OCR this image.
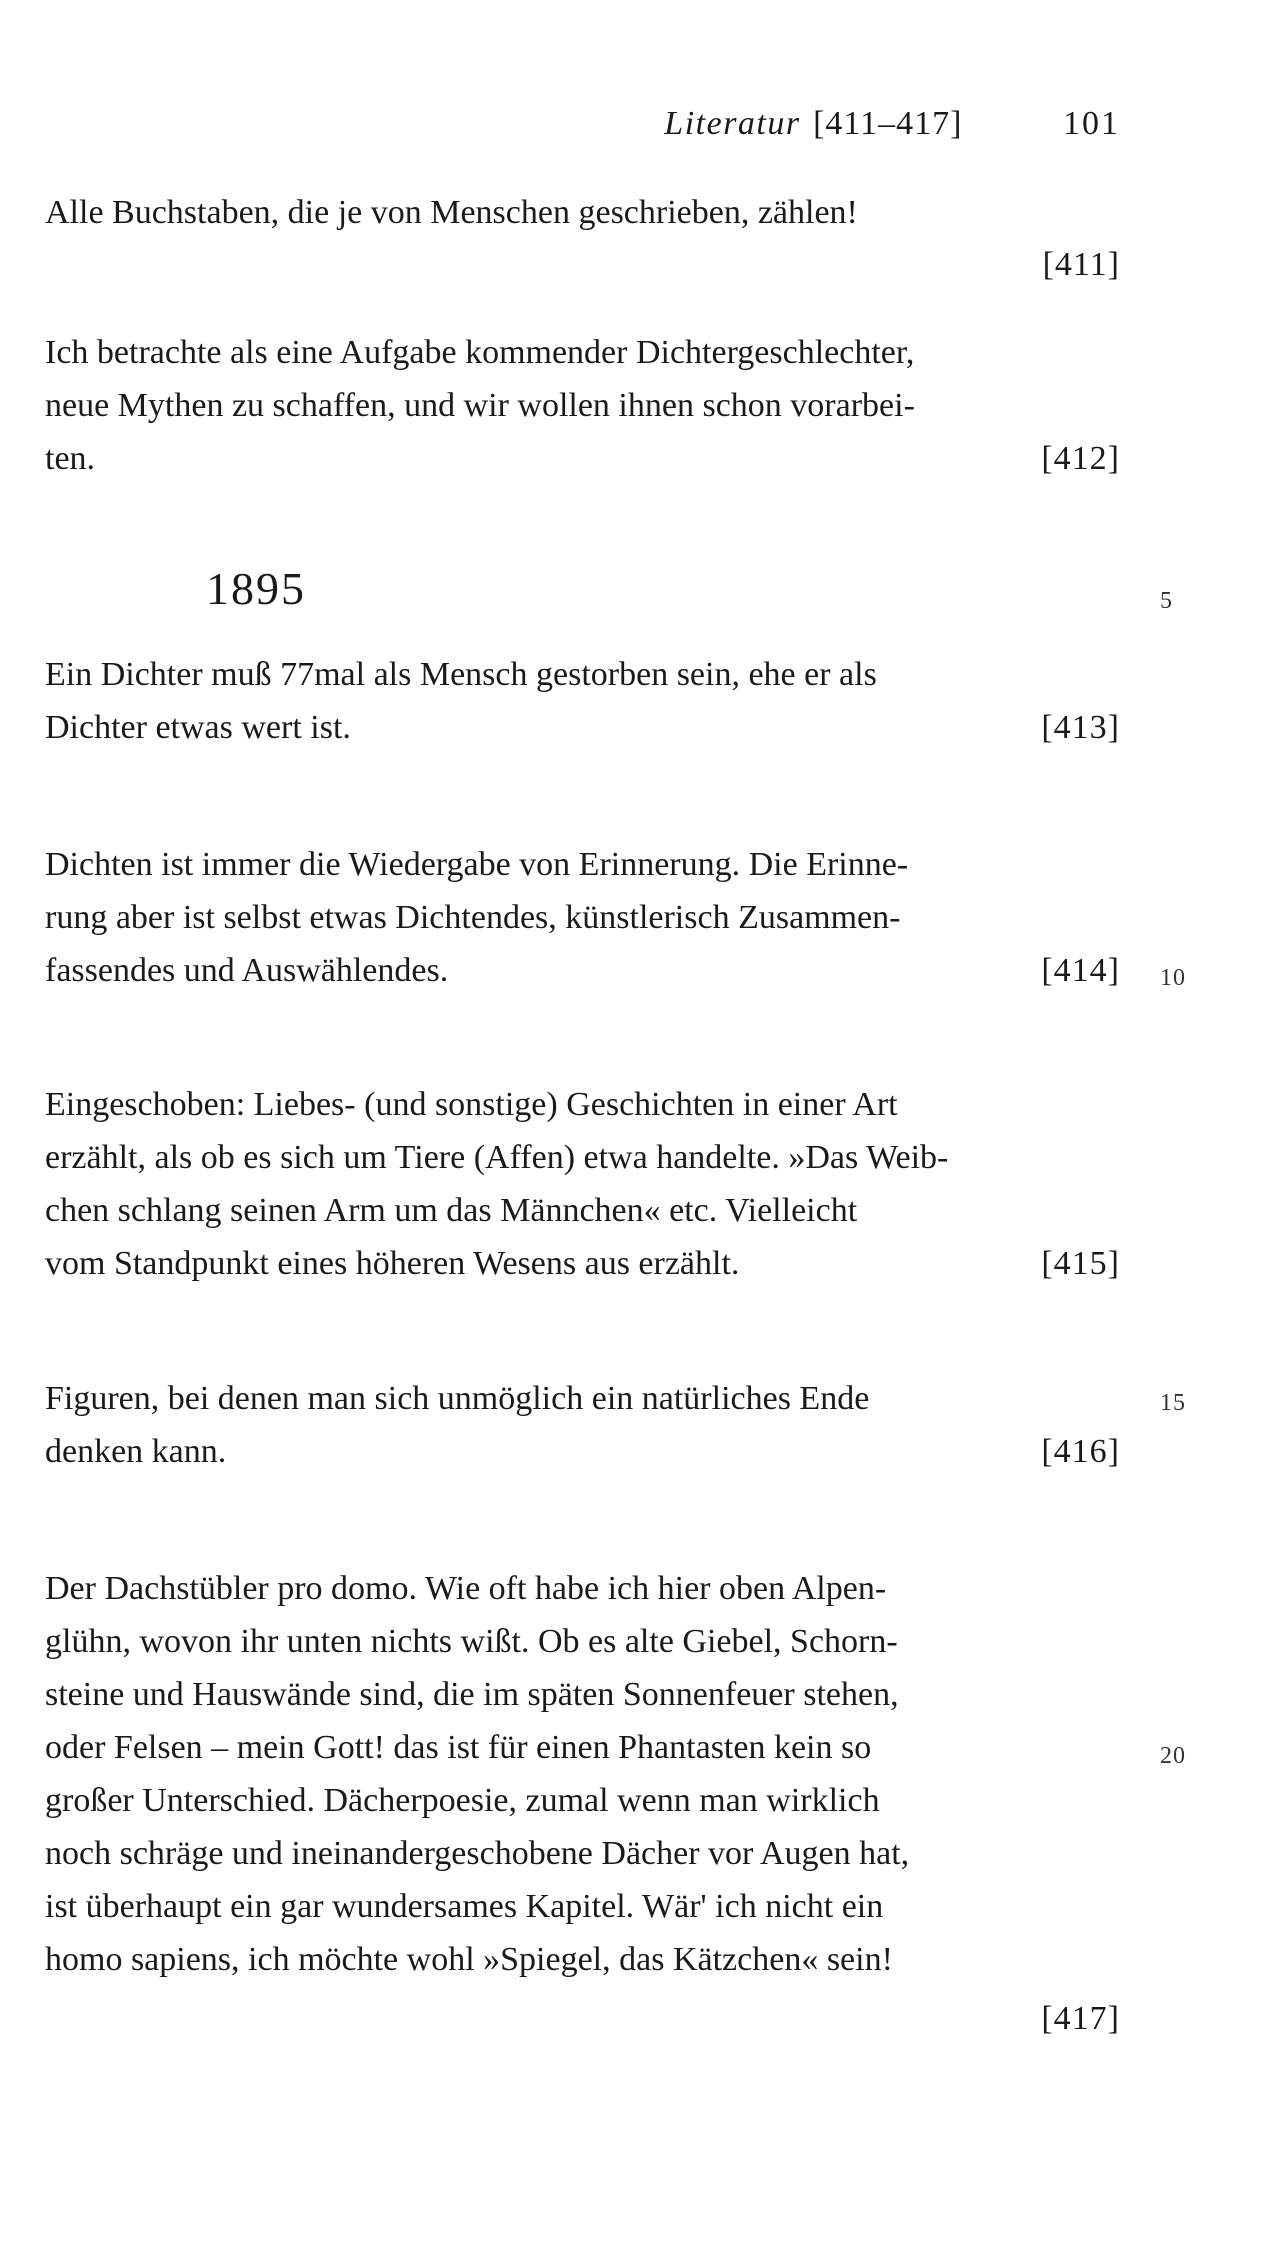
Literatur [411–417]	101
Alle Buchstaben, die je von Menschen geschrieben, zählen!
[411]
Ich betrachte als eine Aufgabe kommender Dichtergeschlechter,
neue Mythen zu schaffen, und wir wollen ihnen schon vorarbei-
ten.	[412]
1895	5
Ein Dichter muß 77mal als Mensch gestorben sein, ehe er als
Dichter etwas wert ist.	[413]
Dichten ist immer die Wiedergabe von Erinnerung. Die Erinne-
rung aber ist selbst etwas Dichtendes, künstlerisch Zusammen-
fassendes und Auswählendes.	[414] 10
Eingeschoben: Liebes- (und sonstige) Geschichten in einer Art
erzählt, als ob es sich um Tiere (Affen) etwa handelte. »Das Weib-
chen schlang seinen Arm um das Männchen« etc. Vielleicht
vom Standpunkt eines höheren Wesens aus erzählt.	[415]
Figuren, bei denen man sich unmöglich ein natürliches Ende
denken kann.	[416]
15
Der Dachstübler pro domo. Wie oft habe ich hier oben Alpen-
glühn, wovon ihr unten nichts wißt. Ob es alte Giebel, Schorn-
steine und Hauswände sind, die im späten Sonnenfeuer stehen,
oder Felsen – mein Gott! das ist für einen Phantasten kein so
großer Unterschied. Dächerpoesie, zumal wenn man wirklich
noch schräge und ineinandergeschobene Dächer vor Augen hat,
ist überhaupt ein gar wundersames Kapitel. Wär' ich nicht ein
homo sapiens, ich möchte wohl »Spiegel, das Kätzchen« sein!
[417]
20
